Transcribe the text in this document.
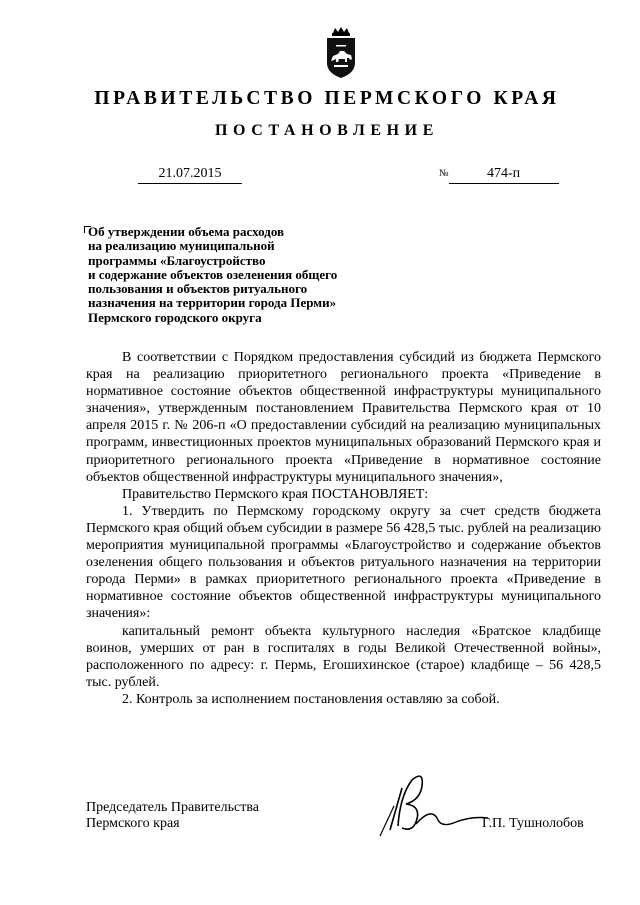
ПРАВИТЕЛЬСТВО ПЕРМСКОГО КРАЯ
ПОСТАНОВЛЕНИЕ
21.07.2015	№	474-п
Об утверждении объема расходов
на реализацию муниципальной
программы «Благоустройство
и содержание объектов озеленения общего
пользования и объектов ритуального
назначения на территории города Перми»
Пермского городского округа

В соответствии с Порядком предоставления субсидий из бюджета Пермского края на реализацию приоритетного регионального проекта «Приведение в нормативное состояние объектов общественной инфраструктуры муниципального значения», утвержденным постановлением Правительства Пермского края от 10 апреля 2015 г. № 206-п «О предоставлении субсидий на реализацию муниципальных программ, инвестиционных проектов муниципальных образований Пермского края и приоритетного регионального проекта «Приведение в нормативное состояние объектов общественной инфраструктуры муниципального значения»,

Правительство Пермского края ПОСТАНОВЛЯЕТ:

1. Утвердить по Пермскому городскому округу за счет средств бюджета Пермского края общий объем субсидии в размере 56 428,5 тыс. рублей на реализацию мероприятия муниципальной программы «Благоустройство и содержание объектов озеленения общего пользования и объектов ритуального назначения на территории города Перми» в рамках приоритетного регионального проекта «Приведение в нормативное состояние объектов общественной инфраструктуры муниципального значения»:

капитальный ремонт объекта культурного наследия «Братское кладбище воинов, умерших от ран в госпиталях в годы Великой Отечественной войны», расположенного по адресу: г. Пермь, Егошихинское (старое) кладбище – 56 428,5 тыс. рублей.

2. Контроль за исполнением постановления оставляю за собой.

Председатель Правительства
Пермского края	Г.П. Тушнолобов
